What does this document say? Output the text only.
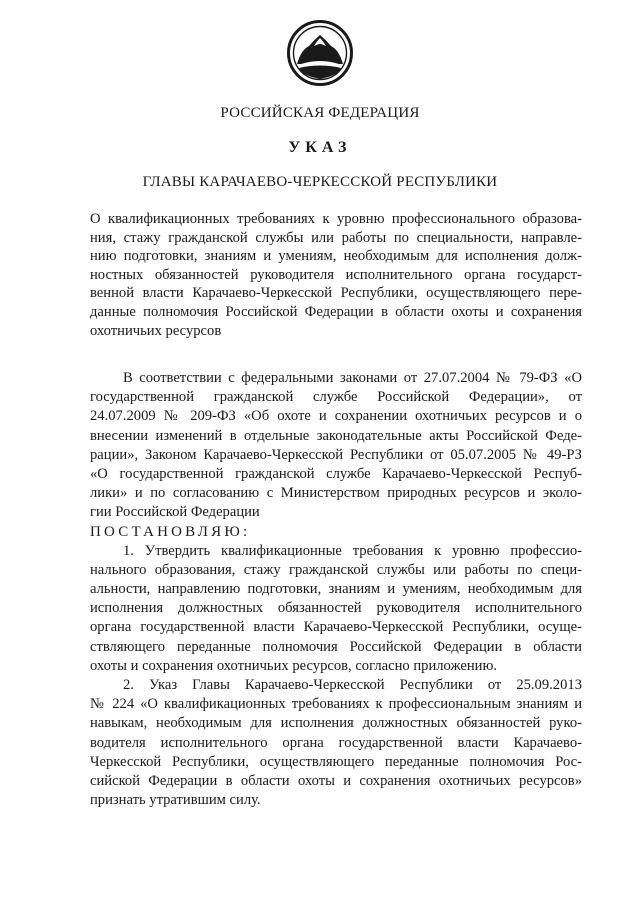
РОССИЙСКАЯ ФЕДЕРАЦИЯ
УКАЗ
ГЛАВЫ КАРАЧАЕВО-ЧЕРКЕССКОЙ РЕСПУБЛИКИ
О квалификационных требованиях к уровню профессионального образова-
ния, стажу гражданской службы или работы по специальности, направле-
нию подготовки, знаниям и умениям, необходимым для исполнения долж-
ностных обязанностей руководителя исполнительного органа государст-
венной власти Карачаево-Черкесской Республики, осуществляющего пере-
данные полномочия Российской Федерации в области охоты и сохранения
охотничьих ресурсов
В соответствии с федеральными законами от 27.07.2004 № 79-ФЗ «О
государственной гражданской службе Российской Федерации», от
24.07.2009 № 209-ФЗ «Об охоте и сохранении охотничьих ресурсов и о
внесении изменений в отдельные законодательные акты Российской Феде-
рации», Законом Карачаево-Черкесской Республики от 05.07.2005 № 49-РЗ
«О государственной гражданской службе Карачаево-Черкесской Респуб-
лики» и по согласованию с Министерством природных ресурсов и эколо-
гии Российской Федерации
ПОСТАНОВЛЯЮ:
1. Утвердить квалификационные требования к уровню профессио-
нального образования, стажу гражданской службы или работы по специ-
альности, направлению подготовки, знаниям и умениям, необходимым для
исполнения должностных обязанностей руководителя исполнительного
органа государственной власти Карачаево-Черкесской Республики, осуще-
ствляющего переданные полномочия Российской Федерации в области
охоты и сохранения охотничьих ресурсов, согласно приложению.
2. Указ Главы Карачаево-Черкесской Республики от 25.09.2013
№ 224 «О квалификационных требованиях к профессиональным знаниям и
навыкам, необходимым для исполнения должностных обязанностей руко-
водителя исполнительного органа государственной власти Карачаево-
Черкесской Республики, осуществляющего переданные полномочия Рос-
сийской Федерации в области охоты и сохранения охотничьих ресурсов»
признать утратившим силу.
